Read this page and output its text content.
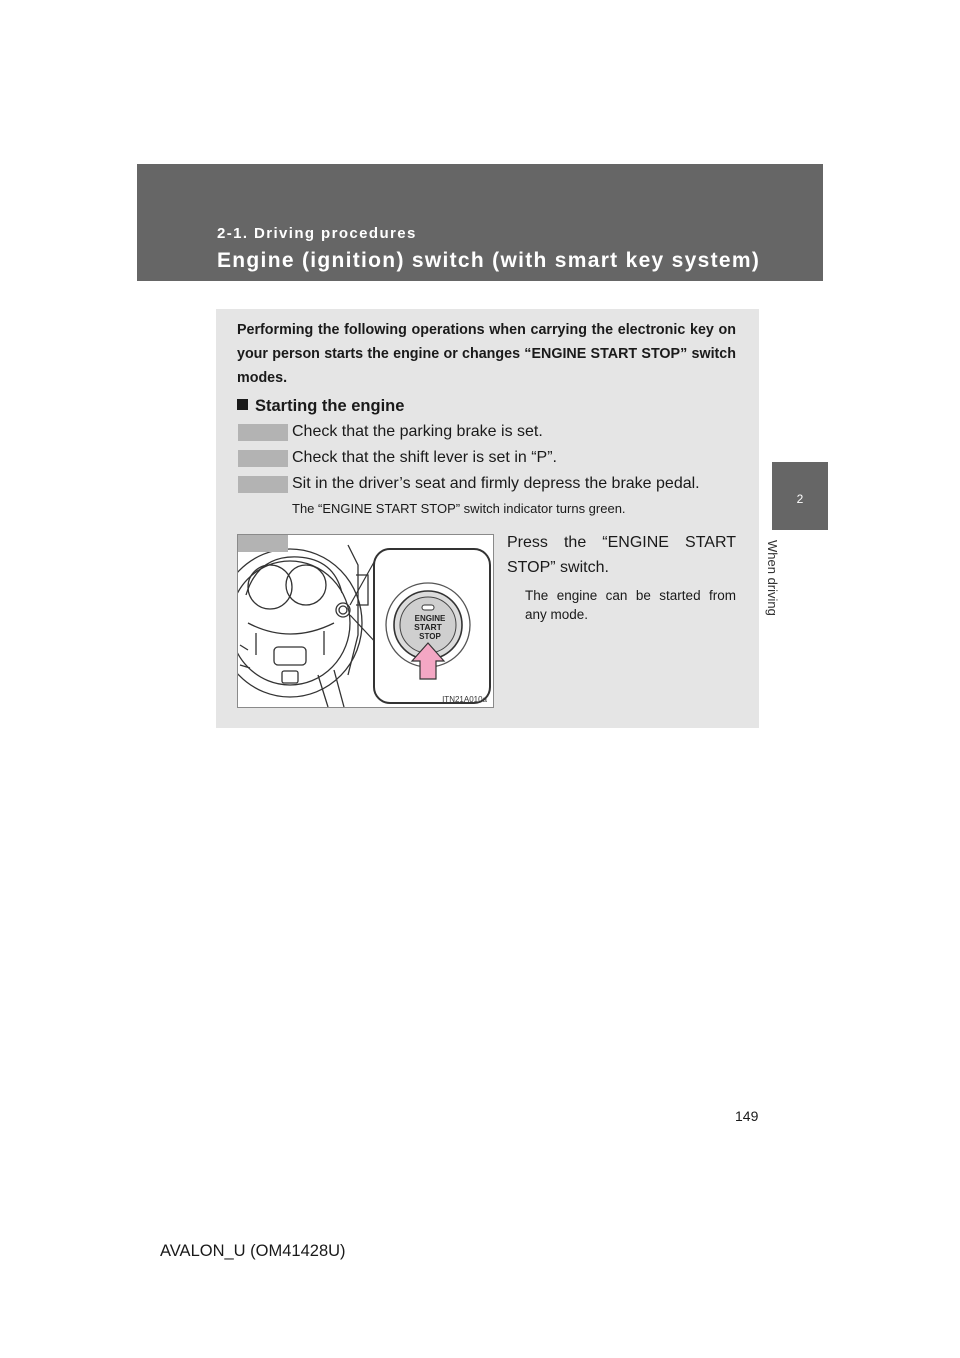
2-1. Driving procedures
Engine (ignition) switch (with smart key system)
2
When driving
Performing the following operations when carrying the electronic key on your person starts the engine or changes “ENGINE START STOP” switch modes.
Starting the engine
Check that the parking brake is set.
Check that the shift lever is set in “P”.
Sit in the driver’s seat and firmly depress the brake pedal.
The “ENGINE START STOP” switch indicator turns green.
ENGINE
START
STOP
ITN21A010a
Press the “ENGINE START STOP” switch.
The engine can be started from any mode.
149
AVALON_U (OM41428U)
